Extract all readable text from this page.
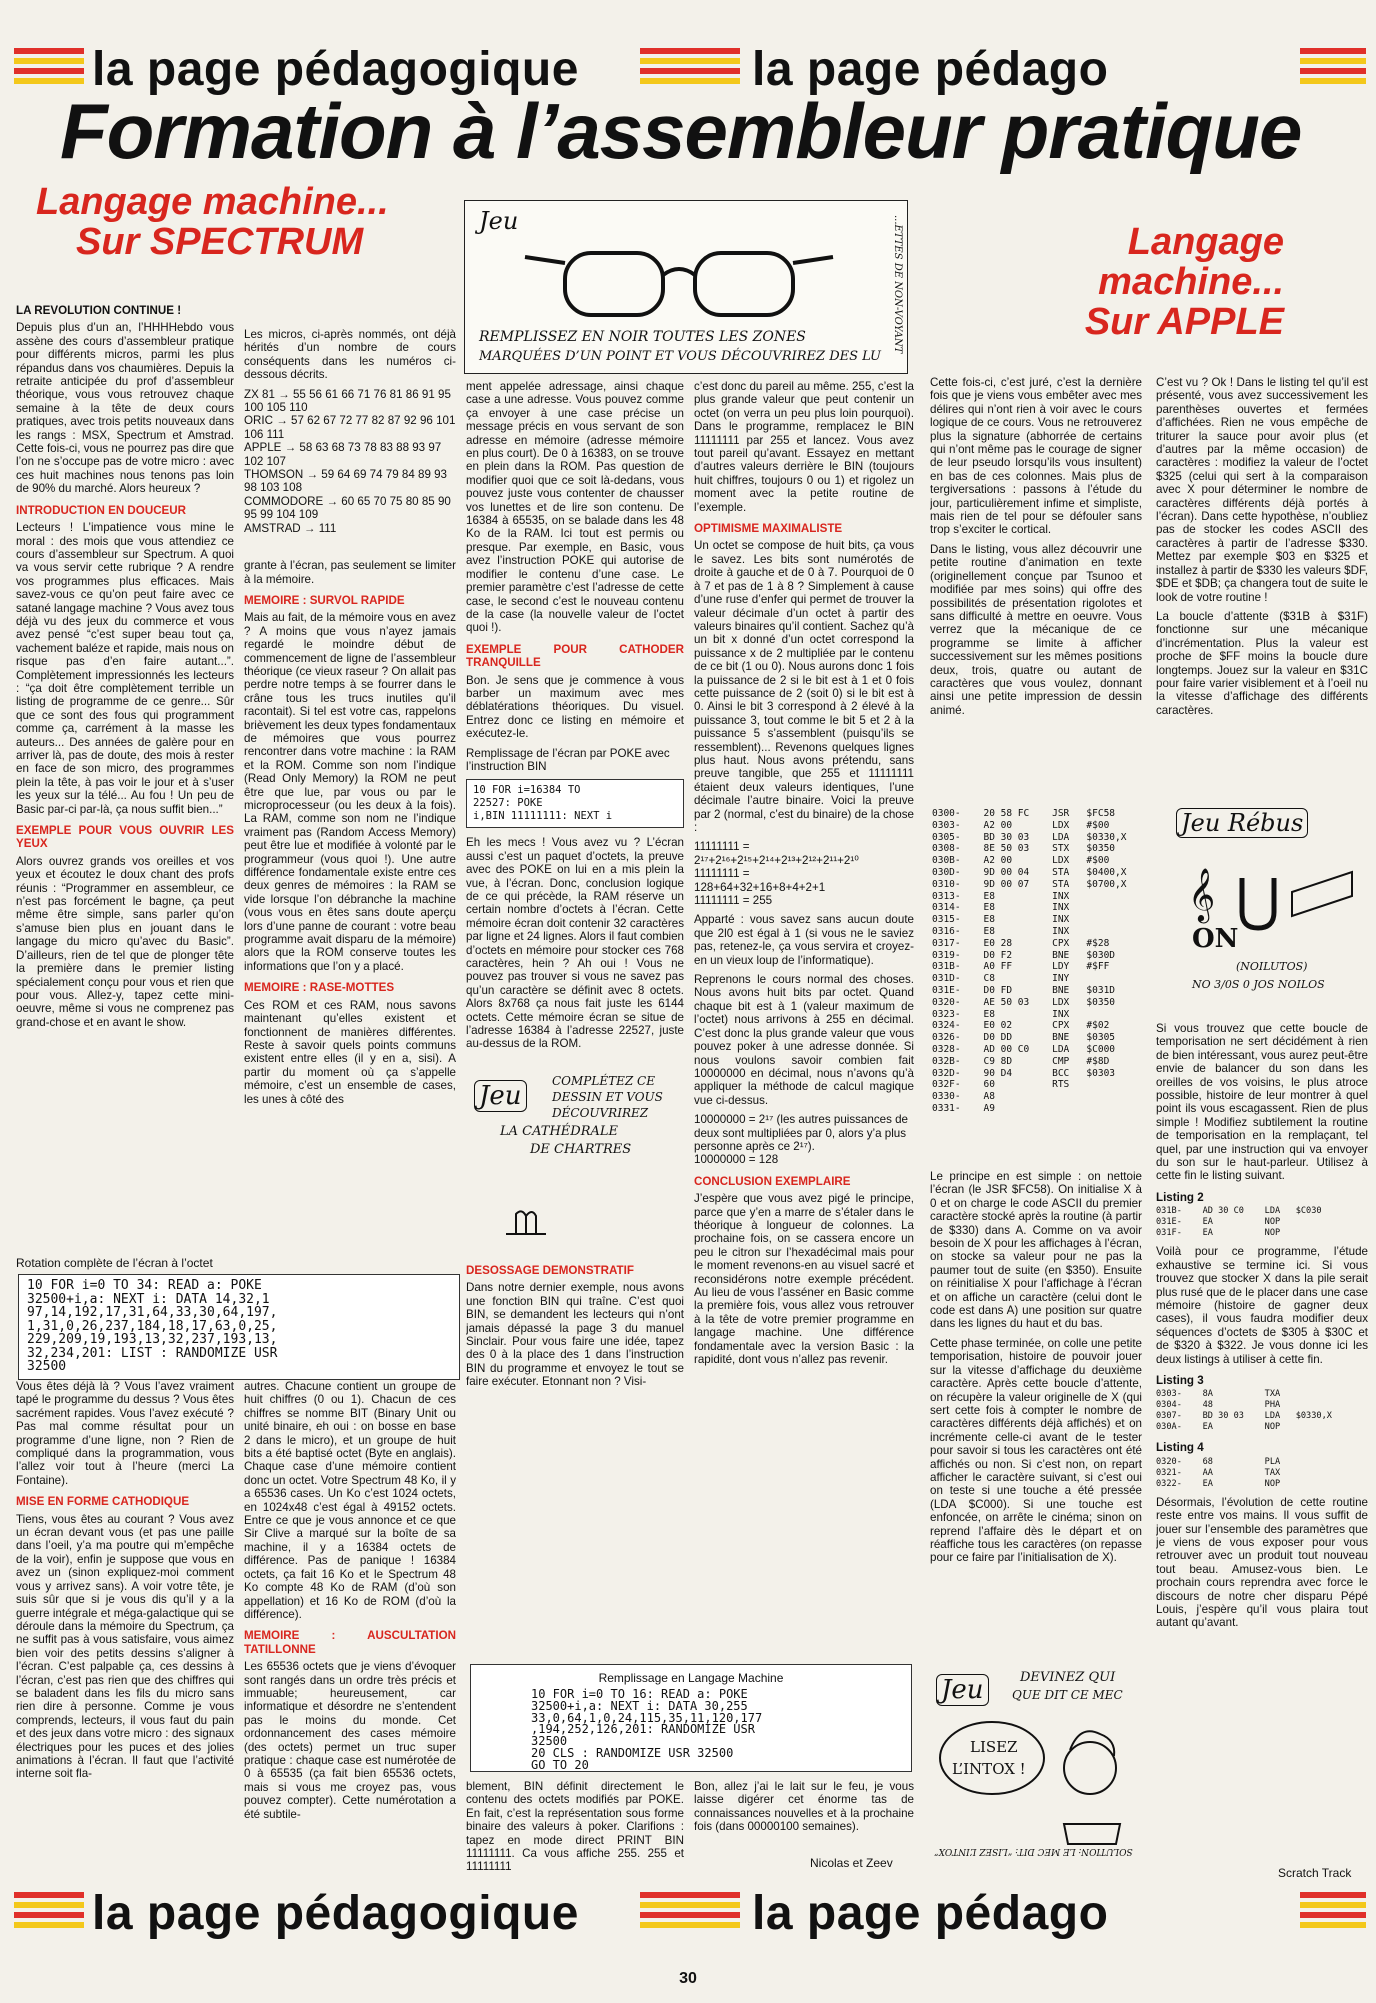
la page pédagogique	la page pédago
Formation à l’assembleur pratique
Langage machine...
Sur SPECTRUM	Jeu	...ETTES DE NON-VOYANT
REMPLISSEZ EN NOIR TOUTES LES ZONES
MARQUÉES D’UN POINT ET VOUS DÉCOUVRIREZ DES LU
Langage machine...
Sur APPLE
LA REVOLUTION CONTINUE !

Depuis plus d’un an, l’HHHHebdo vous assène des cours d’assembleur pratique pour différents micros, parmi les plus répandus dans vos chaumières. Depuis la retraite anticipée du prof d’assembleur théorique, vous vous retrouvez chaque semaine à la tête de deux cours pratiques, avec trois petits nouveaux dans les rangs : MSX, Spectrum et Amstrad. Cette fois-ci, vous ne pourrez pas dire que l’on ne s’occupe pas de votre micro : avec ces huit machines nous tenons pas loin de 90% du marché. Alors heureux ?

INTRODUCTION EN DOUCEUR

Lecteurs ! L’impatience vous mine le moral : des mois que vous attendiez ce cours d’assembleur sur Spectrum. A quoi va vous servir cette rubrique ? A rendre vos programmes plus efficaces. Mais savez-vous ce qu’on peut faire avec ce satané langage machine ? Vous avez tous déjà vu des jeux du commerce et vous avez pensé “c’est super beau tout ça, vachement baléze et rapide, mais nous on risque pas d’en faire autant...”. Complètement impressionnés les lecteurs : “ça doit être complètement terrible un listing de programme de ce genre... Sûr que ce sont des fous qui programment comme ça, carrément à la masse les auteurs... Des années de galère pour en arriver là, pas de doute, des mois à rester en face de son micro, des programmes plein la tête, à pas voir le jour et à s’user les yeux sur la télé... Au fou ! Un peu de Basic par-ci par-là, ça nous suffit bien...”

EXEMPLE POUR VOUS OUVRIR LES YEUX

Alors ouvrez grands vos oreilles et vos yeux et écoutez le doux chant des profs réunis : “Programmer en assembleur, ce n’est pas forcément le bagne, ça peut même être simple, sans parler qu’on s’amuse bien plus en jouant dans le langage du micro qu’avec du Basic”. D’ailleurs, rien de tel que de plonger tête la première dans le premier listing spécialement conçu pour vous et rien que pour vous. Allez-y, tapez cette mini-oeuvre, même si vous ne comprenez pas grand-chose et en avant le show.

Les micros, ci-après nommés, ont déjà hérités d’un nombre de cours conséquents dans les numéros ci-dessous décrits.

ZX 81 → 55 56 61 66 71 76 81 86 91 95 100 105 110
ORIC → 57 62 67 72 77 82 87 92 96 101 106 111
APPLE → 58 63 68 73 78 83 88 93 97 102 107
THOMSON → 59 64 69 74 79 84 89 93 98 103 108
COMMODORE → 60 65 70 75 80 85 90 95 99 104 109
AMSTRAD → 111

grante à l’écran, pas seulement se limiter à la mémoire.

MEMOIRE : SURVOL RAPIDE

Mais au fait, de la mémoire vous en avez ? A moins que vous n’ayez jamais regardé le moindre début de commencement de ligne de l’assembleur théorique (ce vieux raseur ? On allait pas perdre notre temps à se fourrer dans le crâne tous les trucs inutiles qu’il racontait). Si tel est votre cas, rappelons brièvement les deux types fondamentaux de mémoires que vous pourrez rencontrer dans votre machine : la RAM et la ROM. Comme son nom l’indique (Read Only Memory) la ROM ne peut être que lue, par vous ou par le microprocesseur (ou les deux à la fois). La RAM, comme son nom ne l’indique vraiment pas (Random Access Memory) peut être lue et modifiée à volonté par le programmeur (vous quoi !). Une autre différence fondamentale existe entre ces deux genres de mémoires : la RAM se vide lorsque l’on débranche la machine (vous vous en êtes sans doute aperçu lors d’une panne de courant : votre beau programme avait disparu de la mémoire) alors que la ROM conserve toutes les informations que l’on y a placé.

MEMOIRE : RASE-MOTTES

Ces ROM et ces RAM, nous savons maintenant qu’elles existent et fonctionnent de manières différentes. Reste à savoir quels points communs existent entre elles (il y en a, sisi). A partir du moment où ça s’appelle mémoire, c’est un ensemble de cases, les unes à côté des

Rotation complète de l’écran à l’octet
10 FOR i=0 TO 34: READ a: POKE
32500+i,a: NEXT i: DATA 14,32,1
97,14,192,17,31,64,33,30,64,197,
1,31,0,26,237,184,18,17,63,0,25,
229,209,19,193,13,32,237,193,13,
32,234,201: LIST : RANDOMIZE USR
32500

Vous êtes déjà là ? Vous l’avez vraiment tapé le programme du dessus ? Vous êtes sacrément rapides. Vous l’avez exécuté ? Pas mal comme résultat pour un programme d’une ligne, non ? Rien de compliqué dans la programmation, vous l’allez voir tout à l’heure (merci La Fontaine).

MISE EN FORME CATHODIQUE

Tiens, vous êtes au courant ? Vous avez un écran devant vous (et pas une paille dans l’oeil, y’a ma poutre qui m’empêche de la voir), enfin je suppose que vous en avez un (sinon expliquez-moi comment vous y arrivez sans). A voir votre tête, je suis sûr que si je vous dis qu’il y a la guerre intégrale et méga-galactique qui se déroule dans la mémoire du Spectrum, ça ne suffit pas à vous satisfaire, vous aimez bien voir des petits dessins s’aligner à l’écran. C’est palpable ça, ces dessins à l’écran, c’est pas rien que des chiffres qui se baladent dans les fils du micro sans rien dire à personne. Comme je vous comprends, lecteurs, il vous faut du pain et des jeux dans votre micro : des signaux électriques pour les puces et des jolies animations à l’écran. Il faut que l’activité interne soit fla-

autres. Chacune contient un groupe de huit chiffres (0 ou 1). Chacun de ces chiffres se nomme BIT (Binary Unit ou unité binaire, eh oui : on bosse en base 2 dans le micro), et un groupe de huit bits a été baptisé octet (Byte en anglais). Chaque case d’une mémoire contient donc un octet. Votre Spectrum 48 Ko, il y a 65536 cases. Un Ko c’est 1024 octets, en 1024x48 c’est égal à 49152 octets. Entre ce que je vous annonce et ce que Sir Clive a marqué sur la boîte de sa machine, il y a 16384 octets de différence. Pas de panique ! 16384 octets, ça fait 16 Ko et le Spectrum 48 Ko compte 48 Ko de RAM (d’où son appellation) et 16 Ko de ROM (d’où la différence).

MEMOIRE : AUSCULTATION TATILLONNE

Les 65536 octets que je viens d’évoquer sont rangés dans un ordre très précis et immuable; heureusement, car informatique et désordre ne s’entendent pas le moins du monde. Cet ordonnancement des cases mémoire (des octets) permet un truc super pratique : chaque case est numérotée de 0 à 65535 (ça fait bien 65536 octets, mais si vous me croyez pas, vous pouvez compter). Cette numérotation a été subtile-

ment appelée adressage, ainsi chaque case a une adresse. Vous pouvez comme ça envoyer à une case précise un message précis en vous servant de son adresse en mémoire (adresse mémoire en plus court). De 0 à 16383, on se trouve en plein dans la ROM. Pas question de modifier quoi que ce soit là-dedans, vous pouvez juste vous contenter de chausser vos lunettes et de lire son contenu. De 16384 à 65535, on se balade dans les 48 Ko de la RAM. Ici tout est permis ou presque. Par exemple, en Basic, vous avez l’instruction POKE qui autorise de modifier le contenu d’une case. Le premier paramètre c’est l’adresse de cette case, le second c’est le nouveau contenu de la case (la nouvelle valeur de l’octet quoi !).

EXEMPLE POUR CATHODER TRANQUILLE

Bon. Je sens que je commence à vous barber un maximum avec mes déblatérations théoriques. Du visuel. Entrez donc ce listing en mémoire et exécutez-le.

Remplissage de l’écran par POKE avec l’instruction BIN

10 FOR i=16384 TO
22527: POKE
i,BIN 11111111: NEXT i

Eh les mecs ! Vous avez vu ? L’écran aussi c’est un paquet d’octets, la preuve avec des POKE on lui en a mis plein la vue, à l’écran. Donc, conclusion logique de ce qui précède, la RAM réserve un certain nombre d’octets à l’écran. Cette mémoire écran doit contenir 32 caractères par ligne et 24 lignes. Alors il faut combien d’octets en mémoire pour stocker ces 768 caractères, hein ? Ah oui ! Vous ne pouvez pas trouver si vous ne savez pas qu’un caractère se définit avec 8 octets. Alors 8x768 ça nous fait juste les 6144 octets. Cette mémoire écran se situe de l’adresse 16384 à l’adresse 22527, juste au-dessus de la ROM.

Jeu	COMPLÉTEZ CE
DESSIN ET VOUS
DÉCOUVRIREZ
LA CATHÉDRALE
DE CHARTRES
DESOSSAGE DEMONSTRATIF

Dans notre dernier exemple, nous avons une fonction BIN qui traîne. C’est quoi BIN, se demandent les lecteurs qui n’ont jamais dépassé la page 3 du manuel Sinclair. Pour vous faire une idée, tapez des 0 à la place des 1 dans l’instruction BIN du programme et envoyez le tout se faire exécuter. Etonnant non ? Visi-

c’est donc du pareil au même. 255, c’est la plus grande valeur que peut contenir un octet (on verra un peu plus loin pourquoi). Dans le programme, remplacez le BIN 11111111 par 255 et lancez. Vous avez tout pareil qu’avant. Essayez en mettant d’autres valeurs derrière le BIN (toujours huit chiffres, toujours 0 ou 1) et rigolez un moment avec la petite routine de l’exemple.

OPTIMISME MAXIMALISTE

Un octet se compose de huit bits, ça vous le savez. Les bits sont numérotés de droite à gauche et de 0 à 7. Pourquoi de 0 à 7 et pas de 1 à 8 ? Simplement à cause d’une ruse d’enfer qui permet de trouver la valeur décimale d’un octet à partir des valeurs binaires qu’il contient. Sachez qu’à un bit x donné d’un octet correspond la puissance x de 2 multipliée par le contenu de ce bit (1 ou 0). Nous aurons donc 1 fois la puissance de 2 si le bit est à 1 et 0 fois cette puissance de 2 (soit 0) si le bit est à 0. Ainsi le bit 3 correspond à 2 élevé à la puissance 3, tout comme le bit 5 et 2 à la puissance 5 s’assemblent (puisqu’ils se ressemblent)... Revenons quelques lignes plus haut. Nous avons prétendu, sans preuve tangible, que 255 et 11111111 étaient deux valeurs identiques, l’une décimale l’autre binaire. Voici la preuve par 2 (normal, c’est du binaire) de la chose :

11111111 =
2¹⁷+2¹⁶+2¹⁵+2¹⁴+2¹³+2¹²+2¹¹+2¹⁰
11111111 =
128+64+32+16+8+4+2+1
11111111 = 255

Apparté : vous savez sans aucun doute que 2l0 est égal à 1 (si vous ne le saviez pas, retenez-le, ça vous servira et croyez-en un vieux loup de l’informatique).

Reprenons le cours normal des choses. Nous avons huit bits par octet. Quand chaque bit est à 1 (valeur maximum de l’octet) nous arrivons à 255 en décimal. C’est donc la plus grande valeur que vous pouvez poker à une adresse donnée. Si nous voulons savoir combien fait 10000000 en décimal, nous n’avons qu’à appliquer la méthode de calcul magique vue ci-dessus.

10000000 = 2¹⁷ (les autres puissances de deux sont multipliées par 0, alors y’a plus personne après ce 2¹⁷).
10000000 = 128

CONCLUSION EXEMPLAIRE

J’espère que vous avez pigé le principe, parce que y’en a marre de s’étaler dans le théorique à longueur de colonnes. La prochaine fois, on se cassera encore un peu le citron sur l’hexadécimal mais pour le moment revenons-en au visuel sacré et reconsidérons notre exemple précédent. Au lieu de vous l’asséner en Basic comme la première fois, vous allez vous retrouver à la tête de votre premier programme en langage machine. Une différence fondamentale avec la version Basic : la rapidité, dont vous n’allez pas revenir.

Remplissage en Langage Machine
10 FOR i=0 TO 16: READ a: POKE
32500+i,a: NEXT i: DATA 30,255
33,0,64,1,0,24,115,35,11,120,177
,194,252,126,201: RANDOMIZE USR
32500
20 CLS : RANDOMIZE USR 32500
GO TO 20

blement, BIN définit directement le contenu des octets modifiés par POKE. En fait, c’est la représentation sous forme binaire des valeurs à poker. Clarifions : tapez en mode direct PRINT BIN 11111111. Ca vous affiche 255. 255 et 11111111

Bon, allez j’ai le lait sur le feu, je vous laisse digérer cet énorme tas de connaissances nouvelles et à la prochaine fois (dans 00000100 semaines).

Nicolas et Zeev

Cette fois-ci, c’est juré, c’est la dernière fois que je viens vous embêter avec mes délires qui n’ont rien à voir avec le cours logique de ce cours. Vous ne retrouverez plus la signature (abhorrée de certains qui n’ont même pas le courage de signer de leur pseudo lorsqu’ils vous insultent) en bas de ces colonnes. Mais plus de tergiversations : passons à l’étude du jour, particulièrement infime et simpliste, mais rien de tel pour se défouler sans trop s’exciter le cortical.

Dans le listing, vous allez découvrir une petite routine d’animation en texte (originellement conçue par Tsunoo et modifiée par mes soins) qui offre des possibilités de présentation rigolotes et sans difficulté à mettre en oeuvre. Vous verrez que la mécanique de ce programme se limite à afficher successivement sur les mêmes positions deux, trois, quatre ou autant de caractères que vous voulez, donnant ainsi une petite impression de dessin animé.

C’est vu ? Ok ! Dans le listing tel qu’il est présenté, vous avez successivement les parenthèses ouvertes et fermées d’affichées. Rien ne vous empêche de triturer la sauce pour avoir plus (et d’autres par la même occasion) de caractères : modifiez la valeur de l’octet $325 (celui qui sert à la comparaison avec X pour déterminer le nombre de caractères différents déjà portés à l’écran). Dans cette hypothèse, n’oubliez pas de stocker les codes ASCII des caractères à partir de l’adresse $330. Mettez par exemple $03 en $325 et installez à partir de $330 les valeurs $DF, $DE et $DB; ça changera tout de suite le look de votre routine !

La boucle d’attente ($31B à $31F) fonctionne sur une mécanique d’incrémentation. Plus la valeur est proche de $FF moins la boucle dure longtemps. Jouez sur la valeur en $31C pour faire varier visiblement et à l’oeil nu la vitesse d’affichage des différents caractères.

0300-    20 58 FC    JSR   $FC58
0303-    A2 00       LDX   #$00
0305-    BD 30 03    LDA   $0330,X
0308-    8E 50 03    STX   $0350
030B-    A2 00       LDX   #$00
030D-    9D 00 04    STA   $0400,X
0310-    9D 00 07    STA   $0700,X
0313-    E8          INX
0314-    E8          INX
0315-    E8          INX
0316-    E8          INX
0317-    E0 28       CPX   #$28
0319-    D0 F2       BNE   $030D
031B-    A0 FF       LDY   #$FF
031D-    C8          INY
031E-    D0 FD       BNE   $031D
0320-    AE 50 03    LDX   $0350
0323-    E8          INX
0324-    E0 02       CPX   #$02
0326-    D0 DD       BNE   $0305
0328-    AD 00 C0    LDA   $C000
032B-    C9 8D       CMP   #$8D
032D-    90 D4       BCC   $0303
032F-    60          RTS
0330-    A8
0331-    A9
Jeu Rébus
𝄞
ON
(NOILUTOS)
NO 3/0S 0 JOS NOILOS

Le principe en est simple : on nettoie l’écran (le JSR $FC58). On initialise X à 0 et on charge le code ASCII du premier caractère stocké après la routine (à partir de $330) dans A. Comme on va avoir besoin de X pour les affichages à l’écran, on stocke sa valeur pour ne pas la paumer tout de suite (en $350). Ensuite on réinitialise X pour l’affichage à l’écran et on affiche un caractère (celui dont le code est dans A) une position sur quatre dans les lignes du haut et du bas.

Cette phase terminée, on colle une petite temporisation, histoire de pouvoir jouer sur la vitesse d’affichage du deuxième caractère. Après cette boucle d’attente, on récupère la valeur originelle de X (qui sert cette fois à compter le nombre de caractères différents déjà affichés) et on incrémente celle-ci avant de le tester pour savoir si tous les caractères ont été affichés ou non. Si c’est non, on repart afficher le caractère suivant, si c’est oui on teste si une touche a été pressée (LDA $C000). Si une touche est enfoncée, on arrête le cinéma; sinon on reprend l’affaire dès le départ et on réaffiche tous les caractères (on repasse pour ce faire par l’initialisation de X).

Si vous trouvez que cette boucle de temporisation ne sert décidément à rien de bien intéressant, vous aurez peut-être envie de balancer du son dans les oreilles de vos voisins, le plus atroce possible, histoire de leur montrer à quel point ils vous escagassent. Rien de plus simple ! Modifiez subtilement la routine de temporisation en la remplaçant, tel quel, par une instruction qui va envoyer du son sur le haut-parleur. Utilisez à cette fin le listing suivant.

Listing 2
031B-    AD 30 C0    LDA   $C030
031E-    EA          NOP
031F-    EA          NOP

Voilà pour ce programme, l’étude exhaustive se termine ici. Si vous trouvez que stocker X dans la pile serait plus rusé que de le placer dans une case mémoire (histoire de gagner deux cases), il vous faudra modifier deux séquences d’octets de $305 à $30C et de $320 à $322. Je vous donne ici les deux listings à utiliser à cette fin.

Listing 3
0303-    8A          TXA
0304-    48          PHA
0307-    BD 30 03    LDA   $0330,X
030A-    EA          NOP
Listing 4
0320-    68          PLA
0321-    AA          TAX
0322-    EA          NOP

Désormais, l’évolution de cette routine reste entre vos mains. Il vous suffit de jouer sur l’ensemble des paramètres que je viens de vous exposer pour vous retrouver avec un produit tout nouveau tout beau. Amusez-vous bien. Le prochain cours reprendra avec force le discours de notre cher disparu Pépé Louis, j’espère qu’il vous plaira tout autant qu’avant.

Scratch Track
Jeu	DEVINEZ QUI
QUE DIT CE MEC
LISEZ
L’INTOX !
SOLUTION: LE MEC DIT: “LISEZ L’INTOX”
la page pédagogique	la page pédago
30
